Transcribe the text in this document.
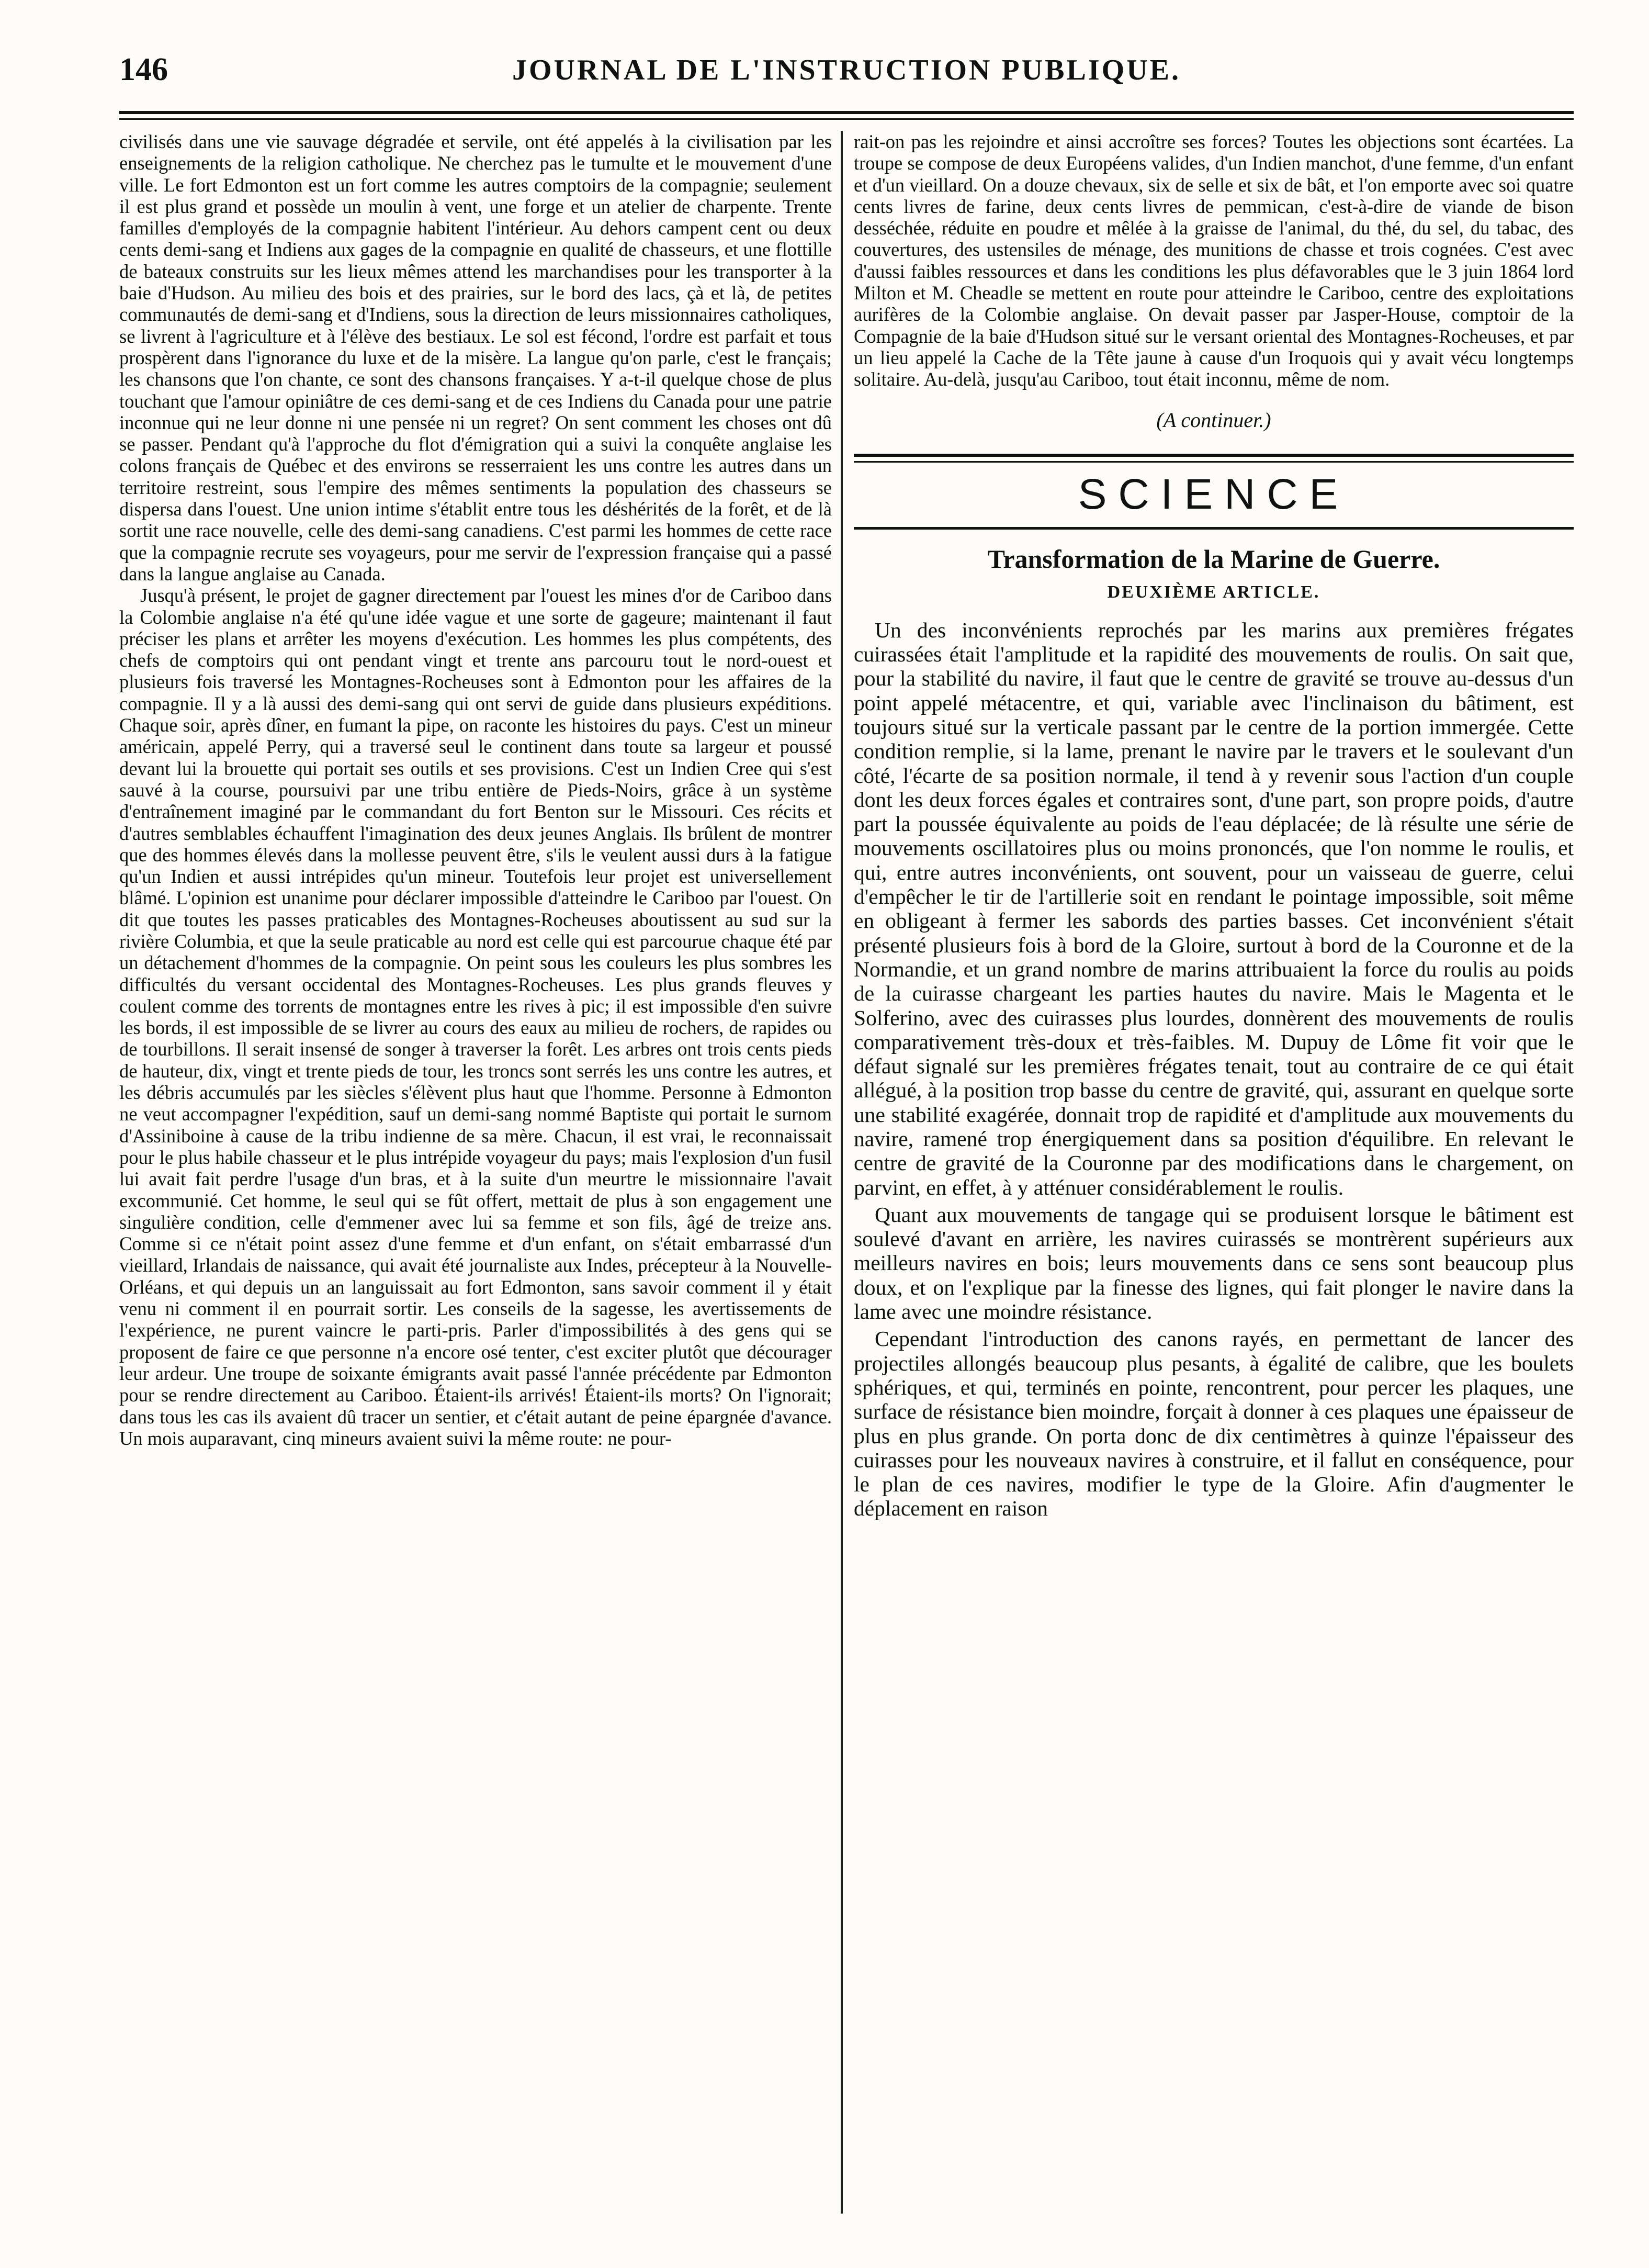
146	JOURNAL DE L'INSTRUCTION PUBLIQUE.

civilisés dans une vie sauvage dégradée et servile, ont été appelés à la civilisation par les enseignements de la religion catholique. Ne cherchez pas le tumulte et le mouvement d'une ville. Le fort Edmonton est un fort comme les autres comptoirs de la compagnie; seulement il est plus grand et possède un moulin à vent, une forge et un atelier de charpente. Trente familles d'employés de la compagnie habitent l'intérieur. Au dehors campent cent ou deux cents demi-sang et Indiens aux gages de la compagnie en qualité de chasseurs, et une flottille de bateaux construits sur les lieux mêmes attend les marchandises pour les transporter à la baie d'Hudson. Au milieu des bois et des prairies, sur le bord des lacs, çà et là, de petites communautés de demi-sang et d'Indiens, sous la direction de leurs missionnaires catholiques, se livrent à l'agriculture et à l'élève des bestiaux. Le sol est fécond, l'ordre est parfait et tous prospèrent dans l'ignorance du luxe et de la misère. La langue qu'on parle, c'est le français; les chansons que l'on chante, ce sont des chansons françaises. Y a-t-il quelque chose de plus touchant que l'amour opiniâtre de ces demi-sang et de ces Indiens du Canada pour une patrie inconnue qui ne leur donne ni une pensée ni un regret? On sent comment les choses ont dû se passer. Pendant qu'à l'approche du flot d'émigration qui a suivi la conquête anglaise les colons français de Québec et des environs se resserraient les uns contre les autres dans un territoire restreint, sous l'empire des mêmes sentiments la population des chasseurs se dispersa dans l'ouest. Une union intime s'établit entre tous les déshérités de la forêt, et de là sortit une race nouvelle, celle des demi-sang canadiens. C'est parmi les hommes de cette race que la compagnie recrute ses voyageurs, pour me servir de l'expression française qui a passé dans la langue anglaise au Canada.

Jusqu'à présent, le projet de gagner directement par l'ouest les mines d'or de Cariboo dans la Colombie anglaise n'a été qu'une idée vague et une sorte de gageure; maintenant il faut préciser les plans et arrêter les moyens d'exécution. Les hommes les plus compétents, des chefs de comptoirs qui ont pendant vingt et trente ans parcouru tout le nord-ouest et plusieurs fois traversé les Montagnes-Rocheuses sont à Edmonton pour les affaires de la compagnie. Il y a là aussi des demi-sang qui ont servi de guide dans plusieurs expéditions. Chaque soir, après dîner, en fumant la pipe, on raconte les histoires du pays. C'est un mineur américain, appelé Perry, qui a traversé seul le continent dans toute sa largeur et poussé devant lui la brouette qui portait ses outils et ses provisions. C'est un Indien Cree qui s'est sauvé à la course, poursuivi par une tribu entière de Pieds-Noirs, grâce à un système d'entraînement imaginé par le commandant du fort Benton sur le Missouri. Ces récits et d'autres semblables échauffent l'imagination des deux jeunes Anglais. Ils brûlent de montrer que des hommes élevés dans la mollesse peuvent être, s'ils le veulent aussi durs à la fatigue qu'un Indien et aussi intrépides qu'un mineur. Toutefois leur projet est universellement blâmé. L'opinion est unanime pour déclarer impossible d'atteindre le Cariboo par l'ouest. On dit que toutes les passes praticables des Montagnes-Rocheuses aboutissent au sud sur la rivière Columbia, et que la seule praticable au nord est celle qui est parcourue chaque été par un détachement d'hommes de la compagnie. On peint sous les couleurs les plus sombres les difficultés du versant occidental des Montagnes-Rocheuses. Les plus grands fleuves y coulent comme des torrents de montagnes entre les rives à pic; il est impossible d'en suivre les bords, il est impossible de se livrer au cours des eaux au milieu de rochers, de rapides ou de tourbillons. Il serait insensé de songer à traverser la forêt. Les arbres ont trois cents pieds de hauteur, dix, vingt et trente pieds de tour, les troncs sont serrés les uns contre les autres, et les débris accumulés par les siècles s'élèvent plus haut que l'homme. Personne à Edmonton ne veut accompagner l'expédition, sauf un demi-sang nommé Baptiste qui portait le surnom d'Assiniboine à cause de la tribu indienne de sa mère. Chacun, il est vrai, le reconnaissait pour le plus habile chasseur et le plus intrépide voyageur du pays; mais l'explosion d'un fusil lui avait fait perdre l'usage d'un bras, et à la suite d'un meurtre le missionnaire l'avait excommunié. Cet homme, le seul qui se fût offert, mettait de plus à son engagement une singulière condition, celle d'emmener avec lui sa femme et son fils, âgé de treize ans. Comme si ce n'était point assez d'une femme et d'un enfant, on s'était embarrassé d'un vieillard, Irlandais de naissance, qui avait été journaliste aux Indes, précepteur à la Nouvelle-Orléans, et qui depuis un an languissait au fort Edmonton, sans savoir comment il y était venu ni comment il en pourrait sortir. Les conseils de la sagesse, les avertissements de l'expérience, ne purent vaincre le parti-pris. Parler d'impossibilités à des gens qui se proposent de faire ce que personne n'a encore osé tenter, c'est exciter plutôt que décourager leur ardeur. Une troupe de soixante émigrants avait passé l'année précédente par Edmonton pour se rendre directement au Cariboo. Étaient-ils arrivés! Étaient-ils morts? On l'ignorait; dans tous les cas ils avaient dû tracer un sentier, et c'était autant de peine épargnée d'avance. Un mois auparavant, cinq mineurs avaient suivi la même route: ne pour-

rait-on pas les rejoindre et ainsi accroître ses forces? Toutes les objections sont écartées. La troupe se compose de deux Européens valides, d'un Indien manchot, d'une femme, d'un enfant et d'un vieillard. On a douze chevaux, six de selle et six de bât, et l'on emporte avec soi quatre cents livres de farine, deux cents livres de pemmican, c'est-à-dire de viande de bison desséchée, réduite en poudre et mêlée à la graisse de l'animal, du thé, du sel, du tabac, des couvertures, des ustensiles de ménage, des munitions de chasse et trois cognées. C'est avec d'aussi faibles ressources et dans les conditions les plus défavorables que le 3 juin 1864 lord Milton et M. Cheadle se mettent en route pour atteindre le Cariboo, centre des exploitations aurifères de la Colombie anglaise. On devait passer par Jasper-House, comptoir de la Compagnie de la baie d'Hudson situé sur le versant oriental des Montagnes-Rocheuses, et par un lieu appelé la Cache de la Tête jaune à cause d'un Iroquois qui y avait vécu longtemps solitaire. Au-delà, jusqu'au Cariboo, tout était inconnu, même de nom.

(A continuer.)
SCIENCE
Transformation de la Marine de Guerre.
DEUXIÈME ARTICLE.

Un des inconvénients reprochés par les marins aux premières frégates cuirassées était l'amplitude et la rapidité des mouvements de roulis. On sait que, pour la stabilité du navire, il faut que le centre de gravité se trouve au-dessus d'un point appelé métacentre, et qui, variable avec l'inclinaison du bâtiment, est toujours situé sur la verticale passant par le centre de la portion immergée. Cette condition remplie, si la lame, prenant le navire par le travers et le soulevant d'un côté, l'écarte de sa position normale, il tend à y revenir sous l'action d'un couple dont les deux forces égales et contraires sont, d'une part, son propre poids, d'autre part la poussée équivalente au poids de l'eau déplacée; de là résulte une série de mouvements oscillatoires plus ou moins prononcés, que l'on nomme le roulis, et qui, entre autres inconvénients, ont souvent, pour un vaisseau de guerre, celui d'empêcher le tir de l'artillerie soit en rendant le pointage impossible, soit même en obligeant à fermer les sabords des parties basses. Cet inconvénient s'était présenté plusieurs fois à bord de la Gloire, surtout à bord de la Couronne et de la Normandie, et un grand nombre de marins attribuaient la force du roulis au poids de la cuirasse chargeant les parties hautes du navire. Mais le Magenta et le Solferino, avec des cuirasses plus lourdes, donnèrent des mouvements de roulis comparativement très-doux et très-faibles. M. Dupuy de Lôme fit voir que le défaut signalé sur les premières frégates tenait, tout au contraire de ce qui était allégué, à la position trop basse du centre de gravité, qui, assurant en quelque sorte une stabilité exagérée, donnait trop de rapidité et d'amplitude aux mouvements du navire, ramené trop énergiquement dans sa position d'équilibre. En relevant le centre de gravité de la Couronne par des modifications dans le chargement, on parvint, en effet, à y atténuer considérablement le roulis.

Quant aux mouvements de tangage qui se produisent lorsque le bâtiment est soulevé d'avant en arrière, les navires cuirassés se montrèrent supérieurs aux meilleurs navires en bois; leurs mouvements dans ce sens sont beaucoup plus doux, et on l'explique par la finesse des lignes, qui fait plonger le navire dans la lame avec une moindre résistance.

Cependant l'introduction des canons rayés, en permettant de lancer des projectiles allongés beaucoup plus pesants, à égalité de calibre, que les boulets sphériques, et qui, terminés en pointe, rencontrent, pour percer les plaques, une surface de résistance bien moindre, forçait à donner à ces plaques une épaisseur de plus en plus grande. On porta donc de dix centimètres à quinze l'épaisseur des cuirasses pour les nouveaux navires à construire, et il fallut en conséquence, pour le plan de ces navires, modifier le type de la Gloire. Afin d'augmenter le déplacement en raison
